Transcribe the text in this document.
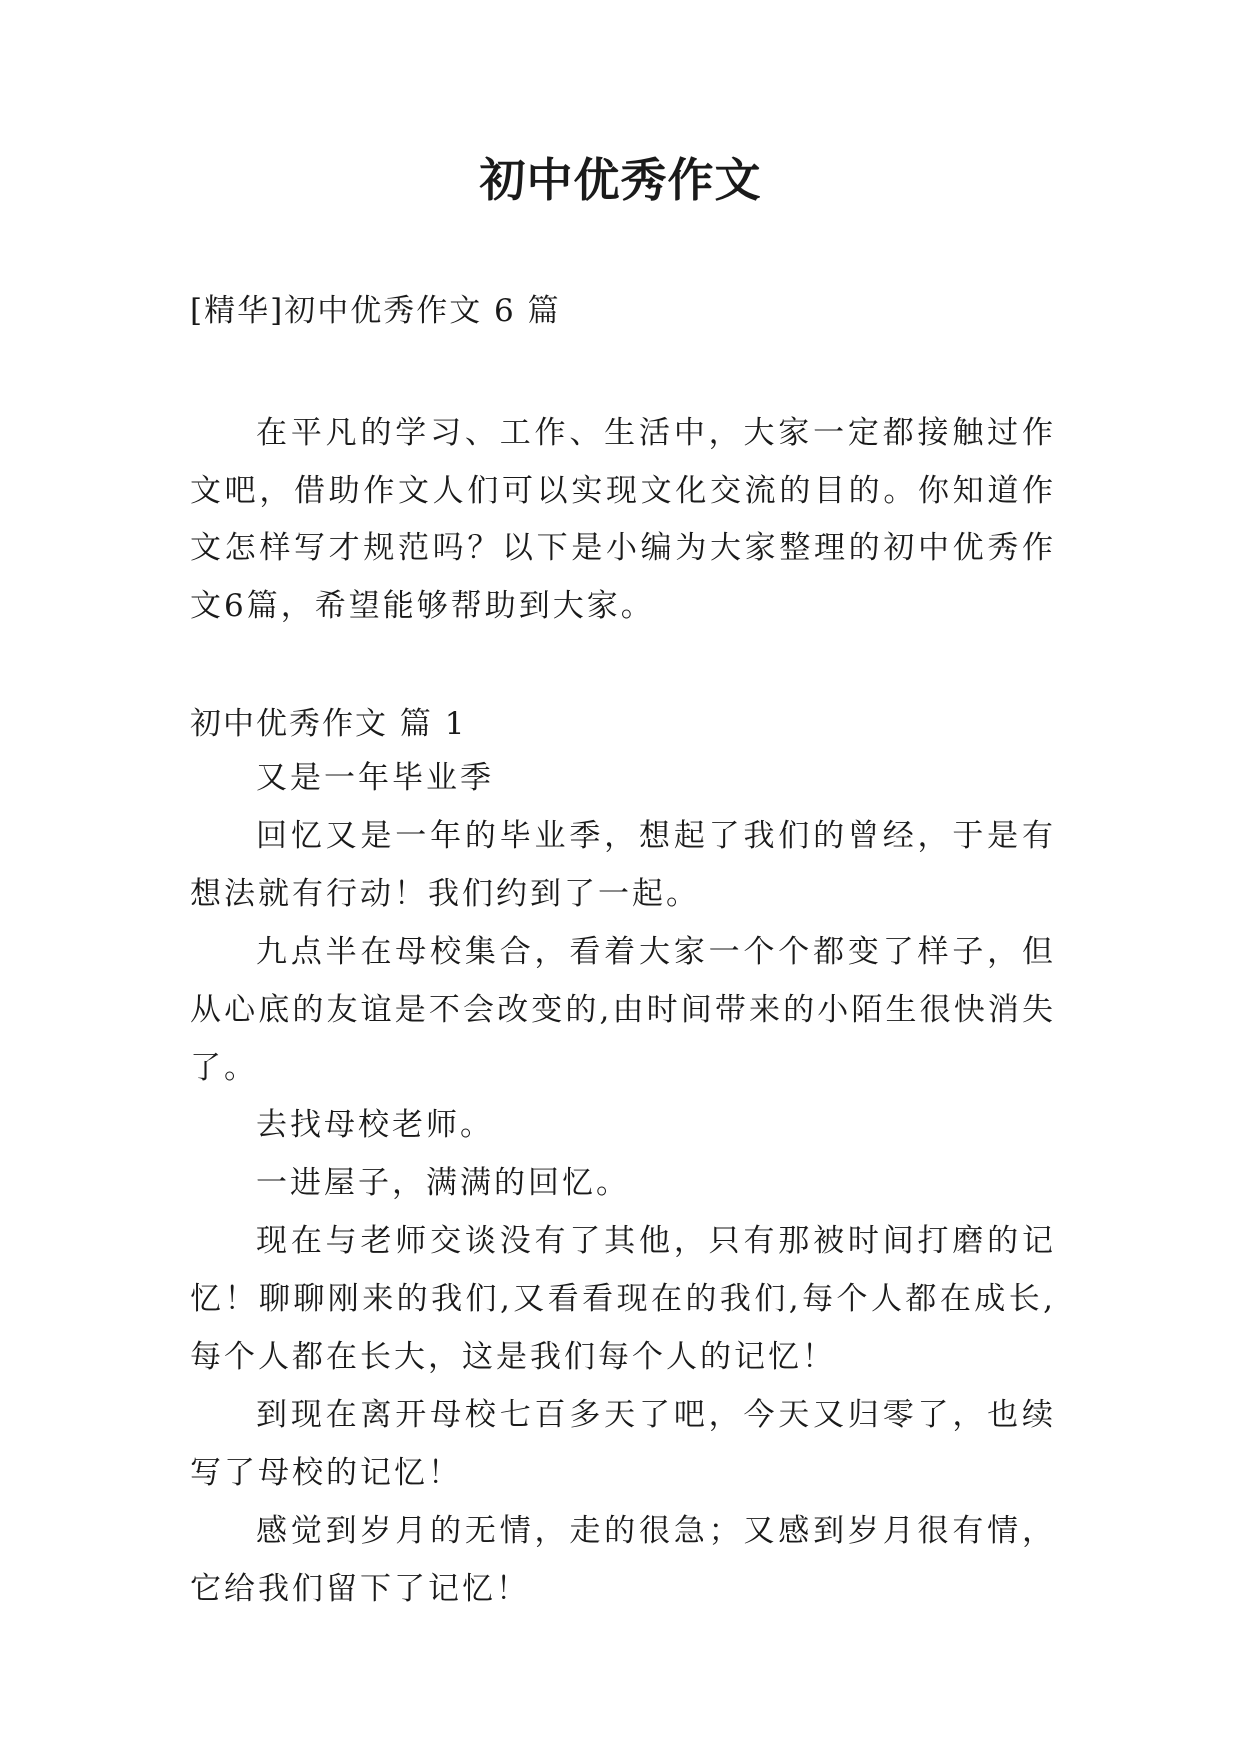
初中优秀作文
[精华]初中优秀作文 6 篇

在平凡的学习、工作、生活中，大家一定都接触过作文吧，借助作文人们可以实现文化交流的目的。你知道作文怎样写才规范吗？以下是小编为大家整理的初中优秀作文6篇，希望能够帮助到大家。

初中优秀作文 篇 1

又是一年毕业季

回忆又是一年的毕业季，想起了我们的曾经，于是有想法就有行动！我们约到了一起。

九点半在母校集合，看着大家一个个都变了样子，但从心底的友谊是不会改变的,由时间带来的小陌生很快消失了。

去找母校老师。

一进屋子，满满的回忆。

现在与老师交谈没有了其他，只有那被时间打磨的记忆！聊聊刚来的我们,又看看现在的我们,每个人都在成长,每个人都在长大，这是我们每个人的记忆！

到现在离开母校七百多天了吧，今天又归零了，也续写了母校的记忆！

感觉到岁月的无情，走的很急；又感到岁月很有情，它给我们留下了记忆！
